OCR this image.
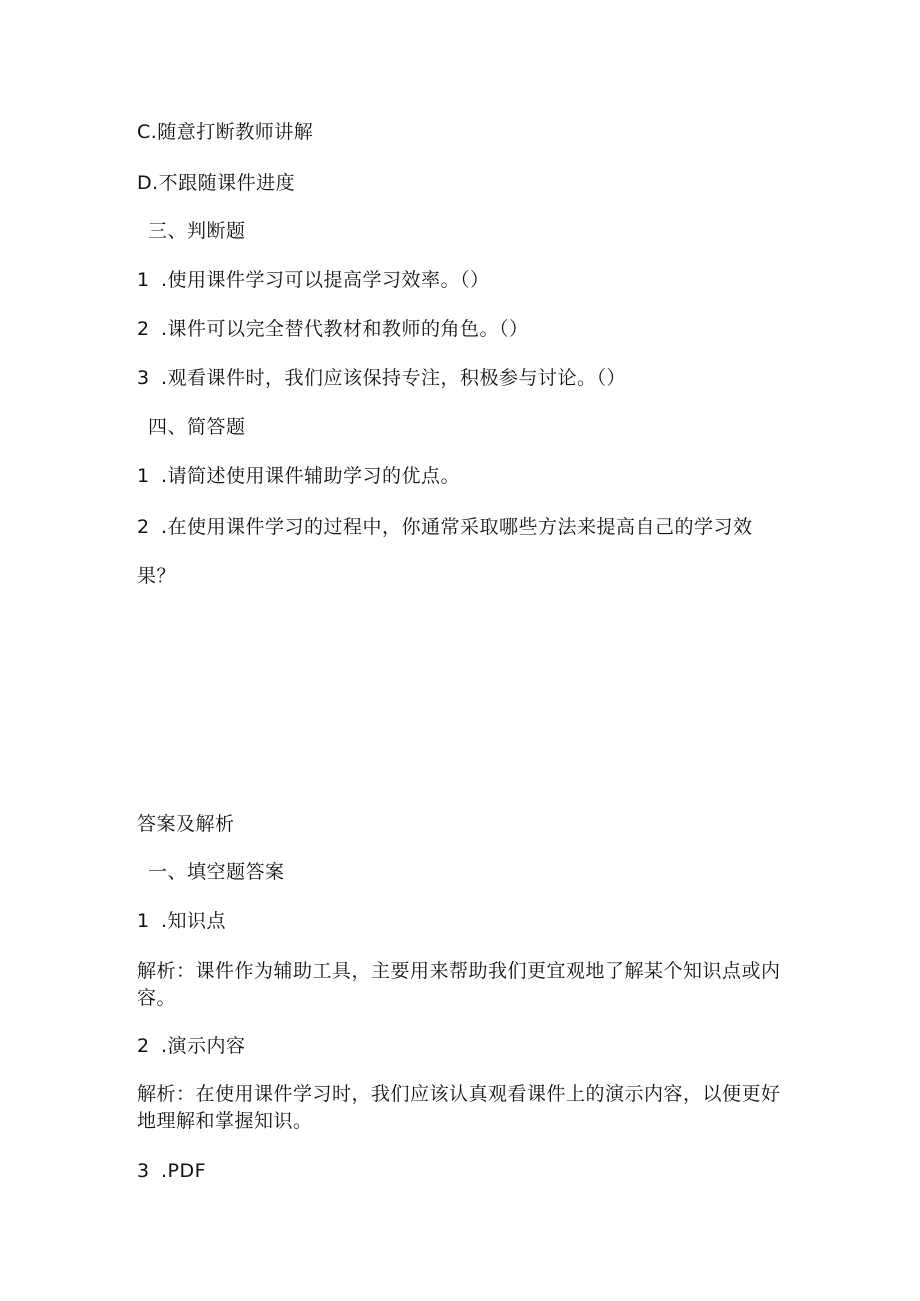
C.随意打断教师讲解
D.不跟随课件进度
三、判断题
1 .使用课件学习可以提高学习效率。（）
2 .课件可以完全替代教材和教师的角色。（）
3 .观看课件时，我们应该保持专注，积极参与讨论。（）
四、简答题
1 .请简述使用课件辅助学习的优点。
2 .在使用课件学习的过程中，你通常采取哪些方法来提高自己的学习效
果？
答案及解析
一、填空题答案
1 .知识点
解析：课件作为辅助工具，主要用来帮助我们更宜观地了解某个知识点或内容。
2 .演示内容
解析：在使用课件学习时，我们应该认真观看课件上的演示内容，以便更好地理解和掌握知识。
3 .PDF
